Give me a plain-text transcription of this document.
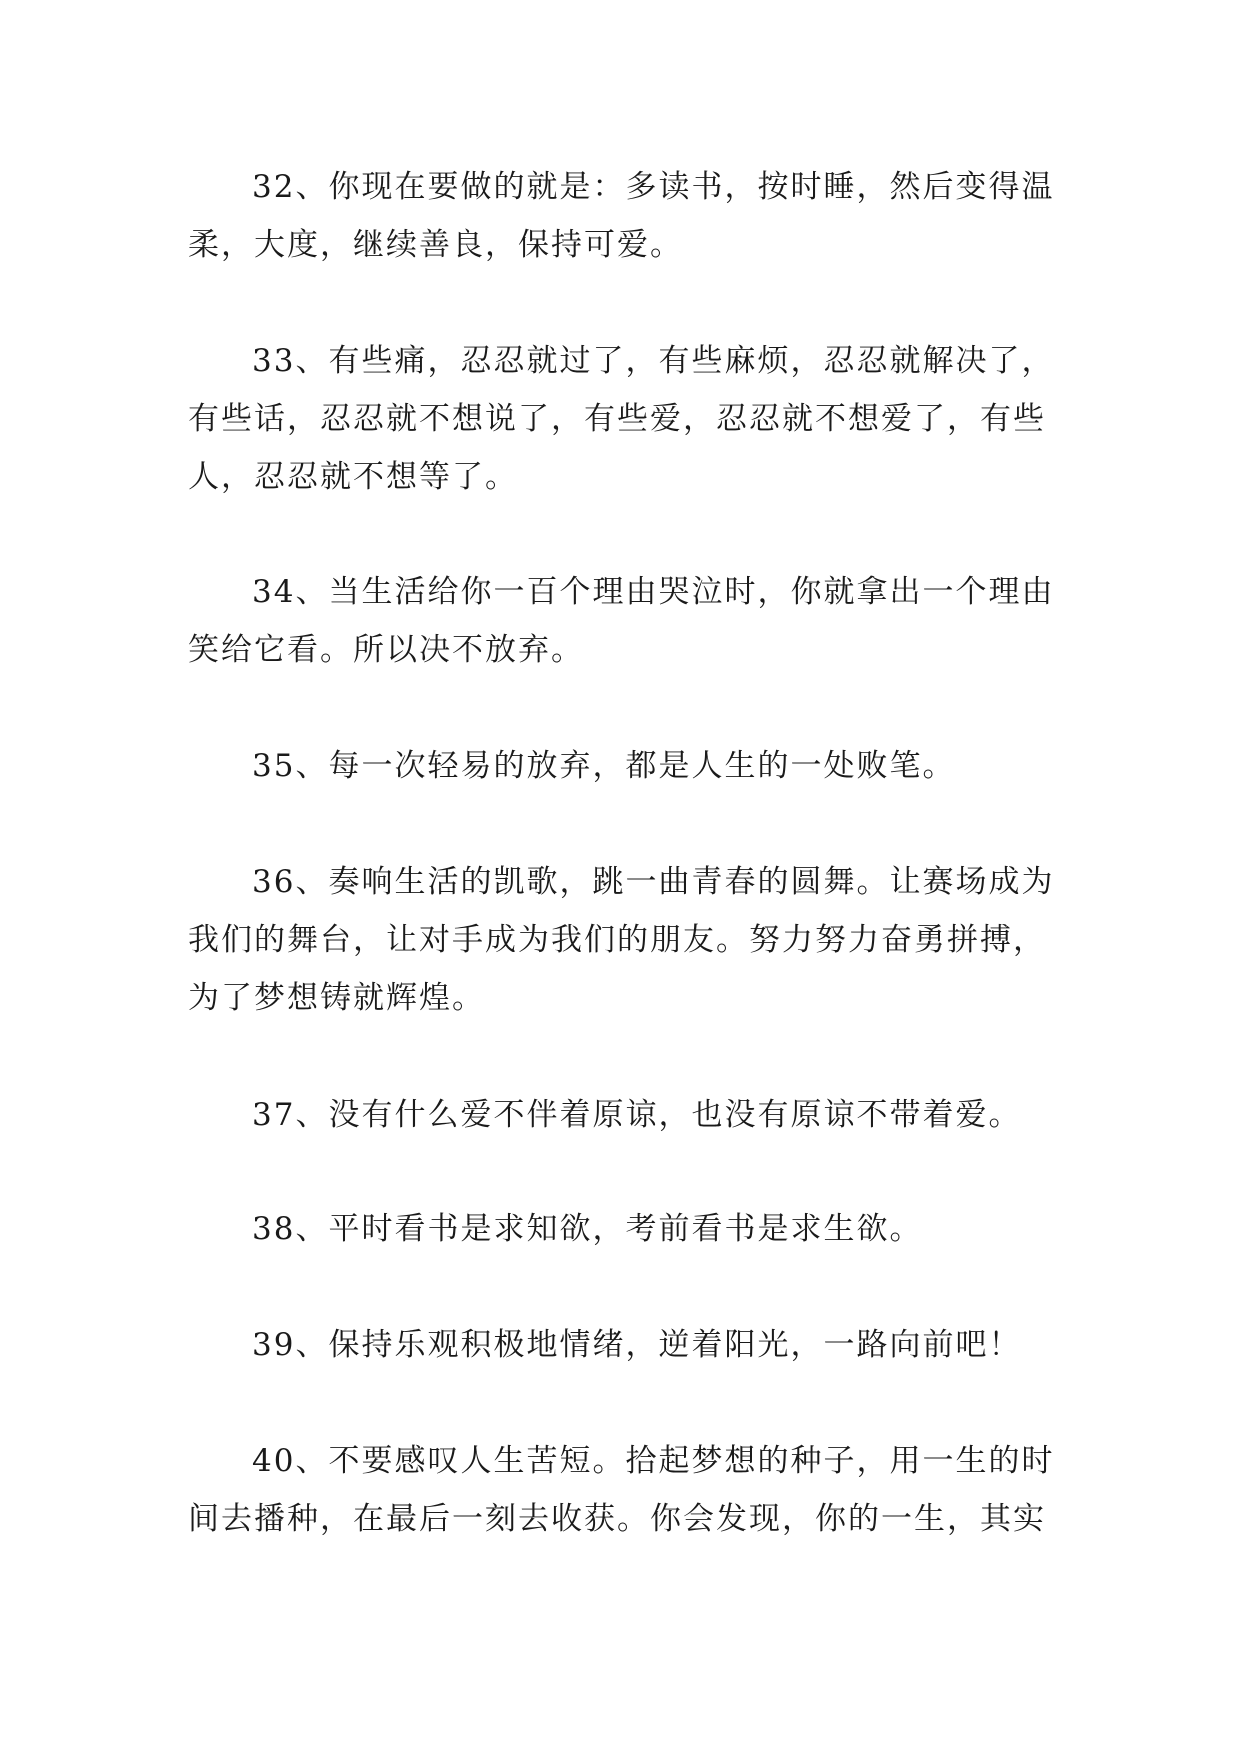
32、你现在要做的就是：多读书，按时睡，然后变得温柔，大度，继续善良，保持可爱。

33、有些痛，忍忍就过了，有些麻烦，忍忍就解决了，有些话，忍忍就不想说了，有些爱，忍忍就不想爱了，有些人，忍忍就不想等了。

34、当生活给你一百个理由哭泣时，你就拿出一个理由笑给它看。所以决不放弃。

35、每一次轻易的放弃，都是人生的一处败笔。

36、奏响生活的凯歌，跳一曲青春的圆舞。让赛场成为我们的舞台，让对手成为我们的朋友。努力努力奋勇拼搏，为了梦想铸就辉煌。

37、没有什么爱不伴着原谅，也没有原谅不带着爱。

38、平时看书是求知欲，考前看书是求生欲。

39、保持乐观积极地情绪，逆着阳光，一路向前吧！

40、不要感叹人生苦短。拾起梦想的种子，用一生的时间去播种，在最后一刻去收获。你会发现，你的一生，其实
